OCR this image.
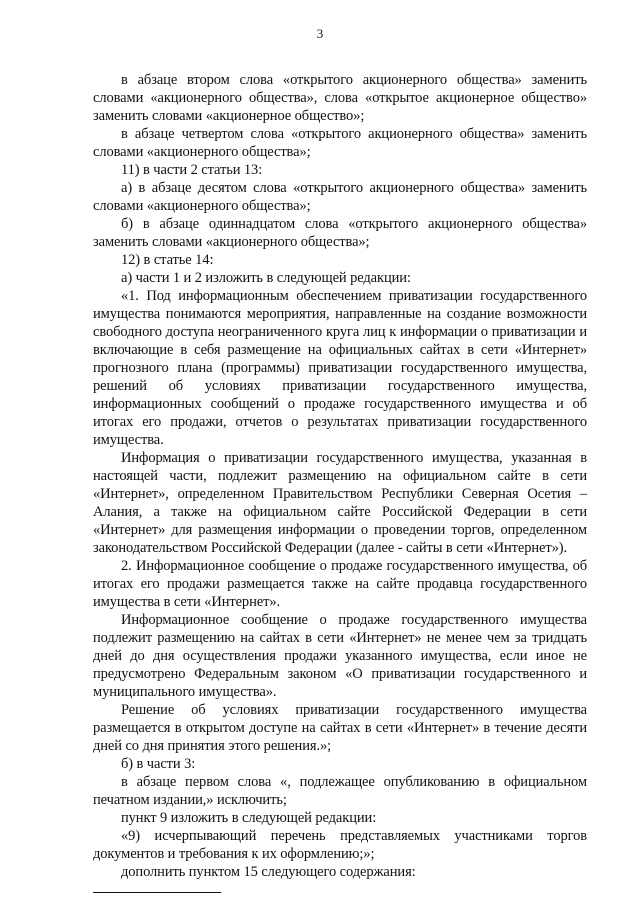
3

в абзаце втором слова «открытого акционерного общества» заменить словами «акционерного общества», слова «открытое акционерное общество» заменить словами «акционерное общество»;

в абзаце четвертом слова «открытого акционерного общества» заменить словами «акционерного общества»;

11) в части 2 статьи 13:

а) в абзаце десятом слова «открытого акционерного общества» заменить словами «акционерного общества»;

б) в абзаце одиннадцатом слова «открытого акционерного общества» заменить словами «акционерного общества»;

12) в статье 14:

а) части 1 и 2 изложить в следующей редакции:

«1. Под информационным обеспечением приватизации государственного имущества понимаются мероприятия, направленные на создание возможности свободного доступа неограниченного круга лиц к информации о приватизации и включающие в себя размещение на официальных сайтах в сети «Интернет» прогнозного плана (программы) приватизации государственного имущества, решений об условиях приватизации государственного имущества, информационных сообщений о продаже государственного имущества и об итогах его продажи, отчетов о результатах приватизации государственного имущества.

Информация о приватизации государственного имущества, указанная в настоящей части, подлежит размещению на официальном сайте в сети «Интернет», определенном Правительством Республики Северная Осетия – Алания, а также на официальном сайте Российской Федерации в сети «Интернет» для размещения информации о проведении торгов, определенном законодательством Российской Федерации (далее - сайты в сети «Интернет»).

2. Информационное сообщение о продаже государственного имущества, об итогах его продажи размещается также на сайте продавца государственного имущества в сети «Интернет».

Информационное сообщение о продаже государственного имущества подлежит размещению на сайтах в сети «Интернет» не менее чем за тридцать дней до дня осуществления продажи указанного имущества, если иное не предусмотрено Федеральным законом «О приватизации государственного и муниципального имущества».

Решение об условиях приватизации государственного имущества размещается в открытом доступе на сайтах в сети «Интернет» в течение десяти дней со дня принятия этого решения.»;

б) в части 3:

в абзаце первом слова «, подлежащее опубликованию в официальном печатном издании,» исключить;

пункт 9 изложить в следующей редакции:

«9) исчерпывающий перечень представляемых участниками торгов документов и требования к их оформлению;»;

дополнить пунктом 15 следующего содержания:
